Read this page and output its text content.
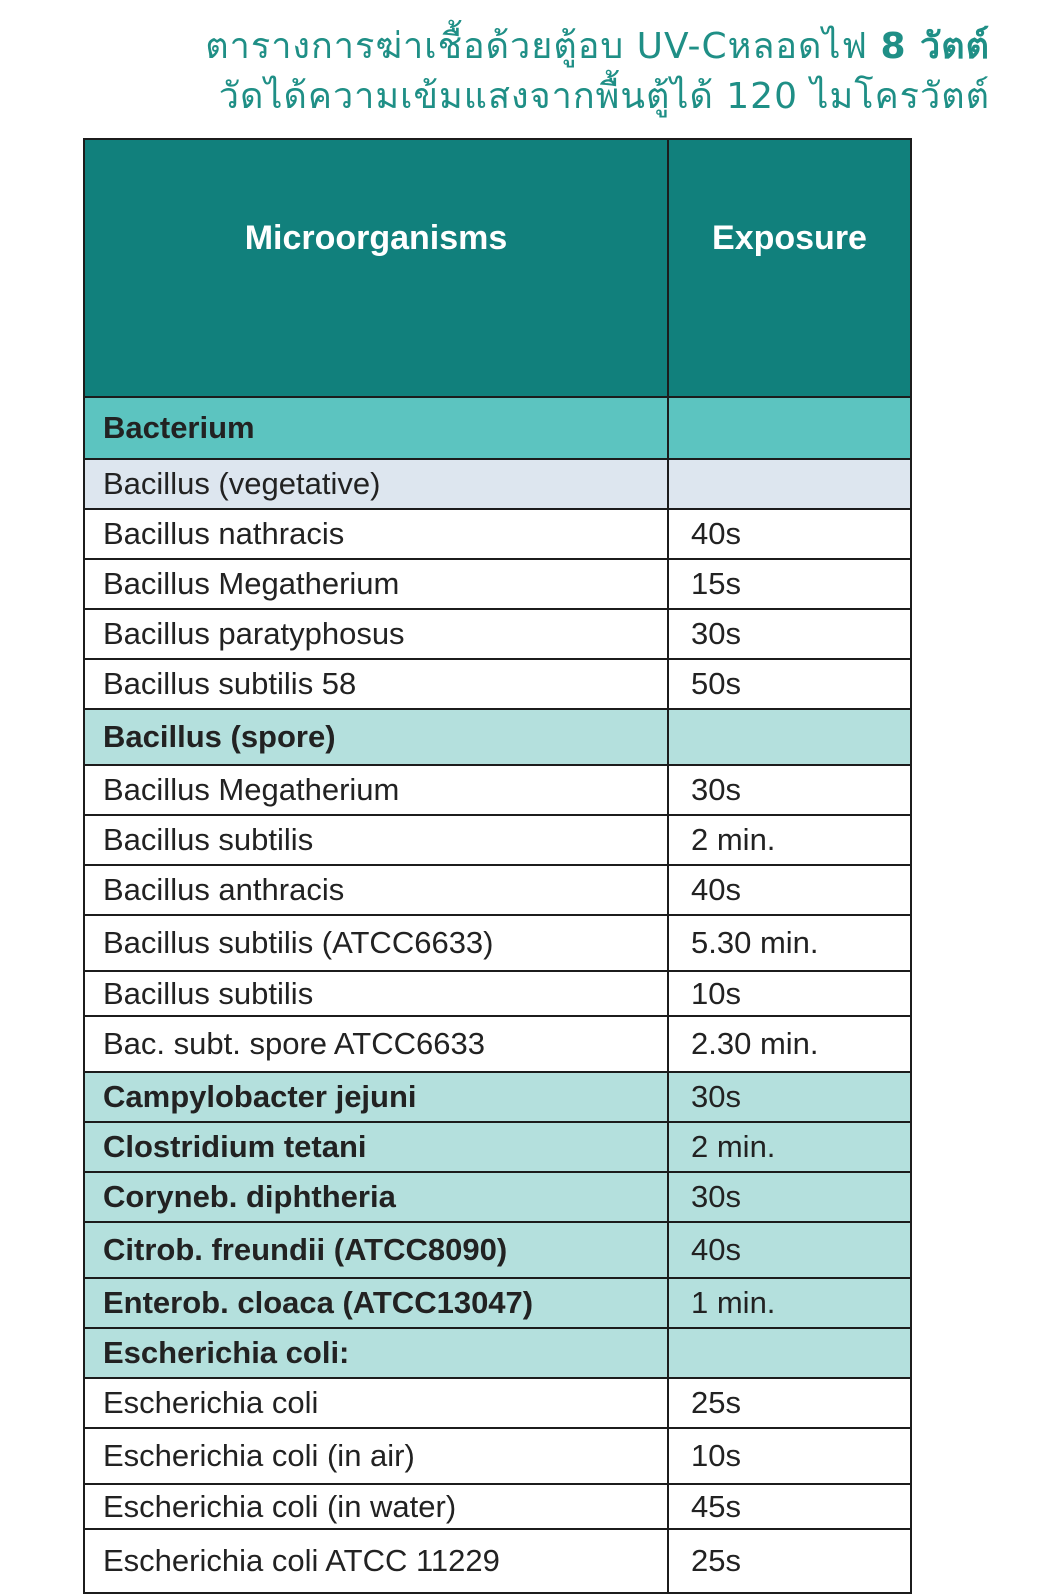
ตารางการฆ่าเชื้อด้วยตู้อบ UV-Cหลอดไฟ 8 วัตต์
วัดได้ความเข้มแสงจากพื้นตู้ได้ 120 ไมโครวัตต์
Microorganisms	Exposure
Bacterium	
Bacillus (vegetative)	
Bacillus nathracis	40s
Bacillus Megatherium	15s
Bacillus paratyphosus	30s
Bacillus subtilis 58	50s
Bacillus (spore)	
Bacillus Megatherium	30s
Bacillus subtilis	2 min.
Bacillus anthracis	40s
Bacillus subtilis (ATCC6633)	5.30 min.
Bacillus subtilis	10s
Bac. subt. spore ATCC6633	2.30 min.
Campylobacter jejuni	30s
Clostridium tetani	2 min.
Coryneb. diphtheria	30s
Citrob. freundii (ATCC8090)	40s
Enterob. cloaca (ATCC13047)	1 min.
Escherichia coli:	
Escherichia coli	25s
Escherichia coli (in air)	10s
Escherichia coli (in water)	45s
Escherichia coli ATCC 11229	25s
